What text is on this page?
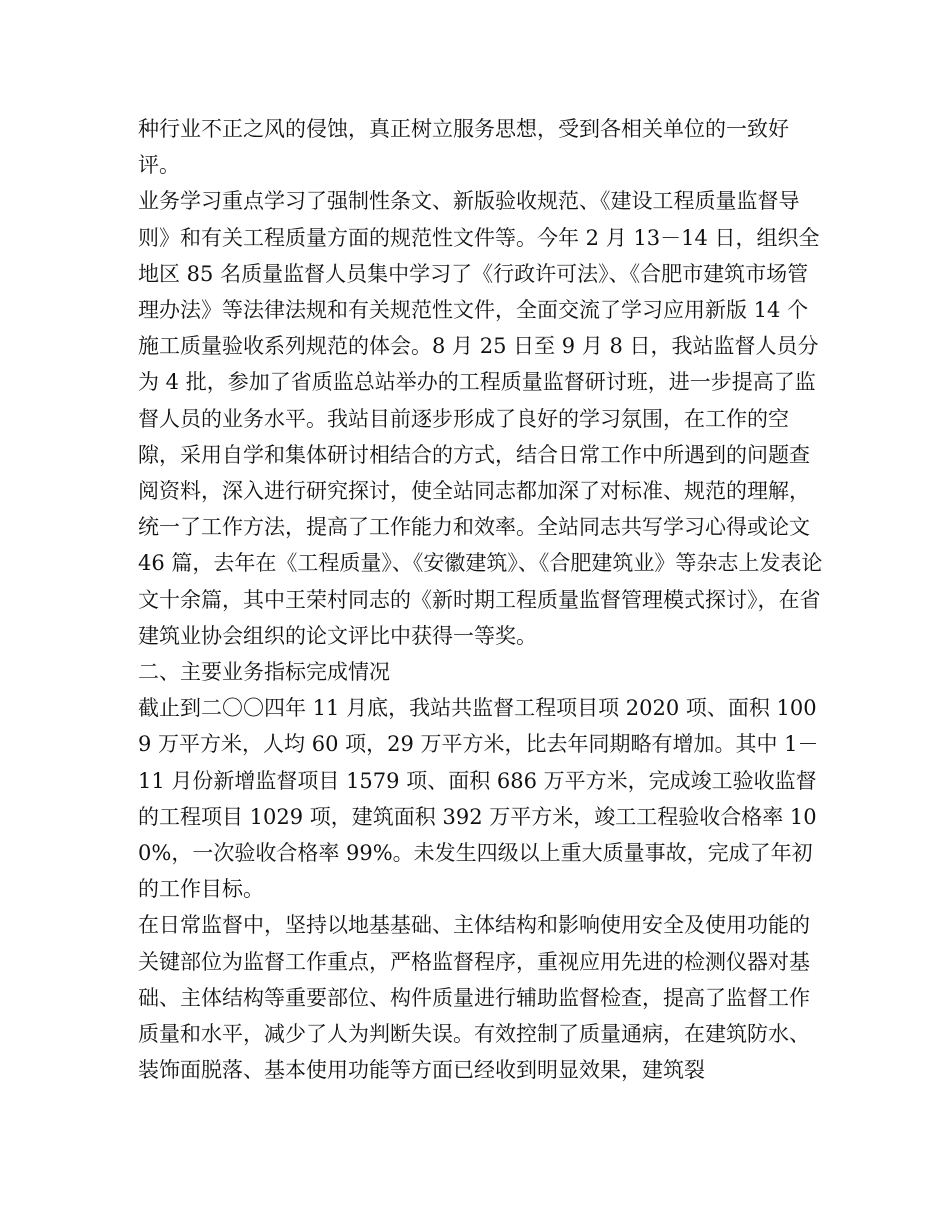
种行业不正之风的侵蚀，真正树立服务思想，受到各相关单位的一致好评。

业务学习重点学习了强制性条文、新版验收规范、《建设工程质量监督导则》和有关工程质量方面的规范性文件等。今年 2 月 13－14 日，组织全地区 85 名质量监督人员集中学习了《行政许可法》、《合肥市建筑市场管理办法》等法律法规和有关规范性文件，全面交流了学习应用新版 14 个施工质量验收系列规范的体会。8 月 25 日至 9 月 8 日，我站监督人员分为 4 批，参加了省质监总站举办的工程质量监督研讨班，进一步提高了监督人员的业务水平。我站目前逐步形成了良好的学习氛围，在工作的空隙，采用自学和集体研讨相结合的方式，结合日常工作中所遇到的问题查阅资料，深入进行研究探讨，使全站同志都加深了对标准、规范的理解，统一了工作方法，提高了工作能力和效率。全站同志共写学习心得或论文 46 篇，去年在《工程质量》、《安徽建筑》、《合肥建筑业》等杂志上发表论文十余篇，其中王荣村同志的《新时期工程质量监督管理模式探讨》，在省建筑业协会组织的论文评比中获得一等奖。

二、主要业务指标完成情况

截止到二〇〇四年 11 月底，我站共监督工程项目项 2020 项、面积 1009 万平方米，人均 60 项，29 万平方米，比去年同期略有增加。其中 1－11 月份新增监督项目 1579 项、面积 686 万平方米，完成竣工验收监督的工程项目 1029 项，建筑面积 392 万平方米，竣工工程验收合格率 100%，一次验收合格率 99%。未发生四级以上重大质量事故，完成了年初的工作目标。

在日常监督中，坚持以地基基础、主体结构和影响使用安全及使用功能的关键部位为监督工作重点，严格监督程序，重视应用先进的检测仪器对基础、主体结构等重要部位、构件质量进行辅助监督检查，提高了监督工作质量和水平，减少了人为判断失误。有效控制了质量通病，在建筑防水、装饰面脱落、基本使用功能等方面已经收到明显效果，建筑裂
